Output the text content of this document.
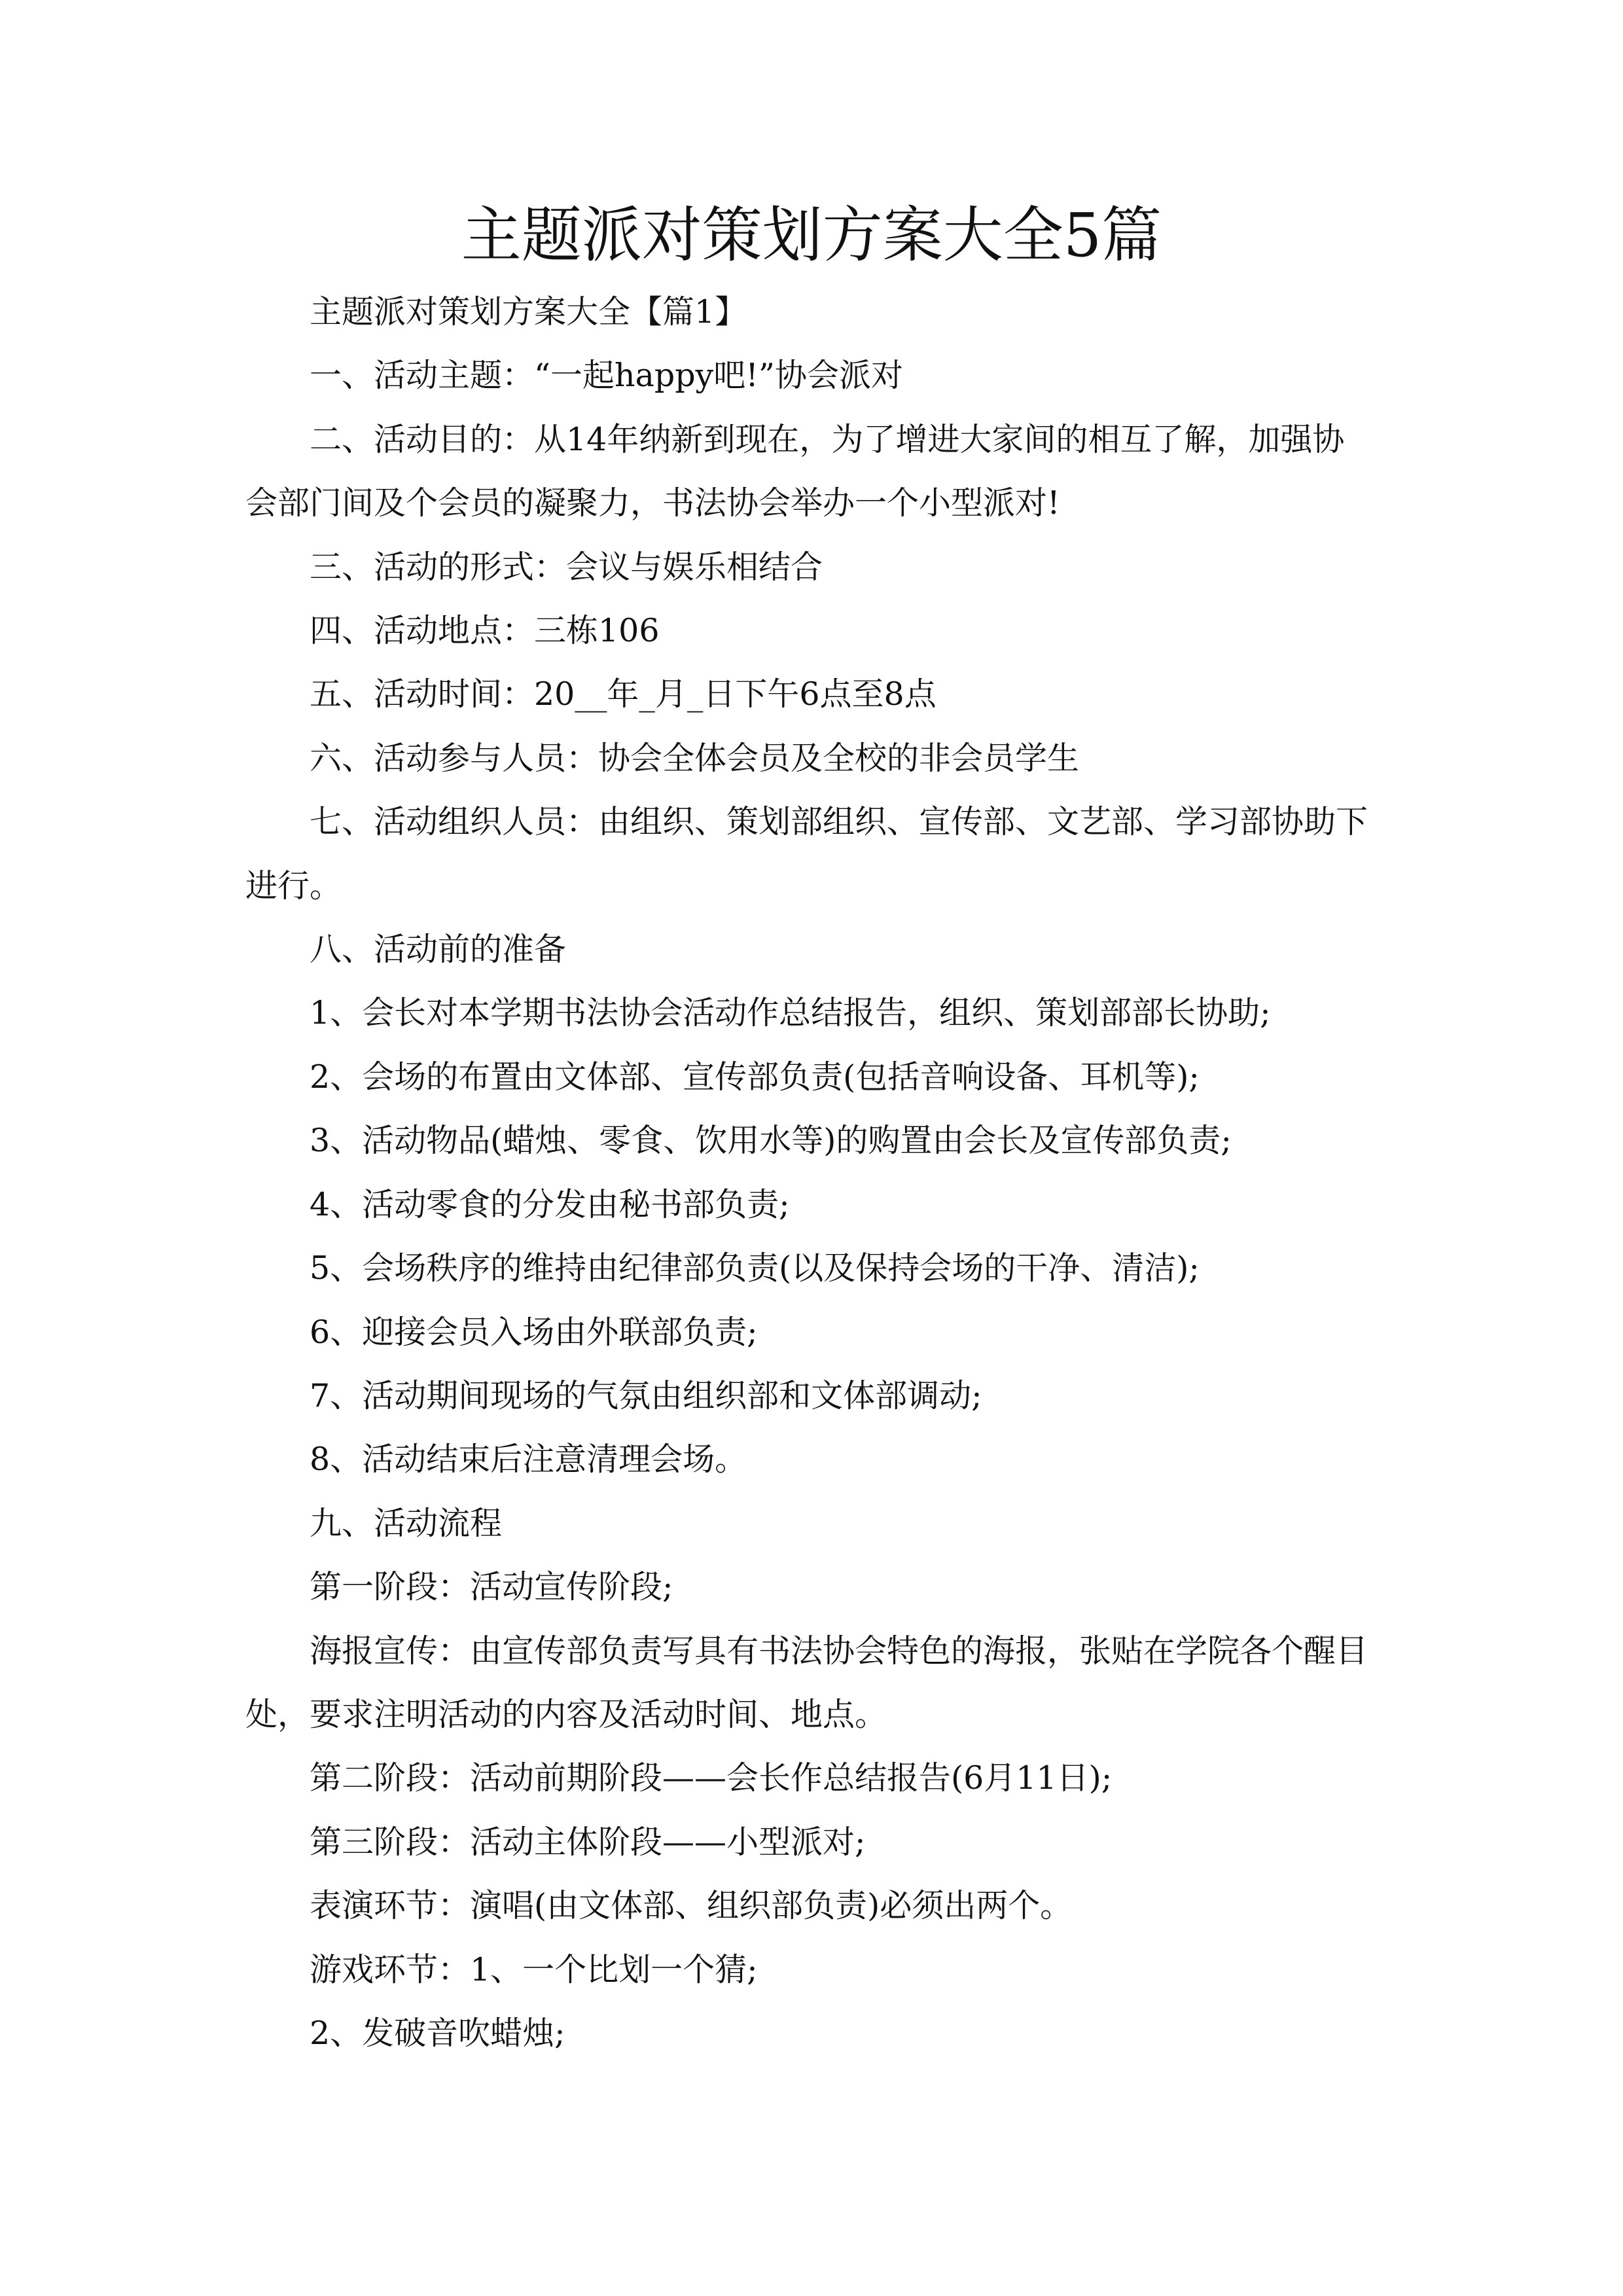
主题派对策划方案大全5篇

主题派对策划方案大全【篇1】

一、活动主题：“一起happy吧!”协会派对

二、活动目的：从14年纳新到现在，为了增进大家间的相互了解，加强协会部门间及个会员的凝聚力，书法协会举办一个小型派对!

三、活动的形式：会议与娱乐相结合

四、活动地点：三栋106

五、活动时间：20__年_月_日下午6点至8点

六、活动参与人员：协会全体会员及全校的非会员学生

七、活动组织人员：由组织、策划部组织、宣传部、文艺部、学习部协助下进行。

八、活动前的准备

1、会长对本学期书法协会活动作总结报告，组织、策划部部长协助;

2、会场的布置由文体部、宣传部负责(包括音响设备、耳机等);

3、活动物品(蜡烛、零食、饮用水等)的购置由会长及宣传部负责;

4、活动零食的分发由秘书部负责;

5、会场秩序的维持由纪律部负责(以及保持会场的干净、清洁);

6、迎接会员入场由外联部负责;

7、活动期间现场的气氛由组织部和文体部调动;

8、活动结束后注意清理会场。

九、活动流程

第一阶段：活动宣传阶段;

海报宣传：由宣传部负责写具有书法协会特色的海报，张贴在学院各个醒目处，要求注明活动的内容及活动时间、地点。

第二阶段：活动前期阶段——会长作总结报告(6月11日);

第三阶段：活动主体阶段——小型派对;

表演环节：演唱(由文体部、组织部负责)必须出两个。

游戏环节：1、一个比划一个猜;

2、发破音吹蜡烛;
